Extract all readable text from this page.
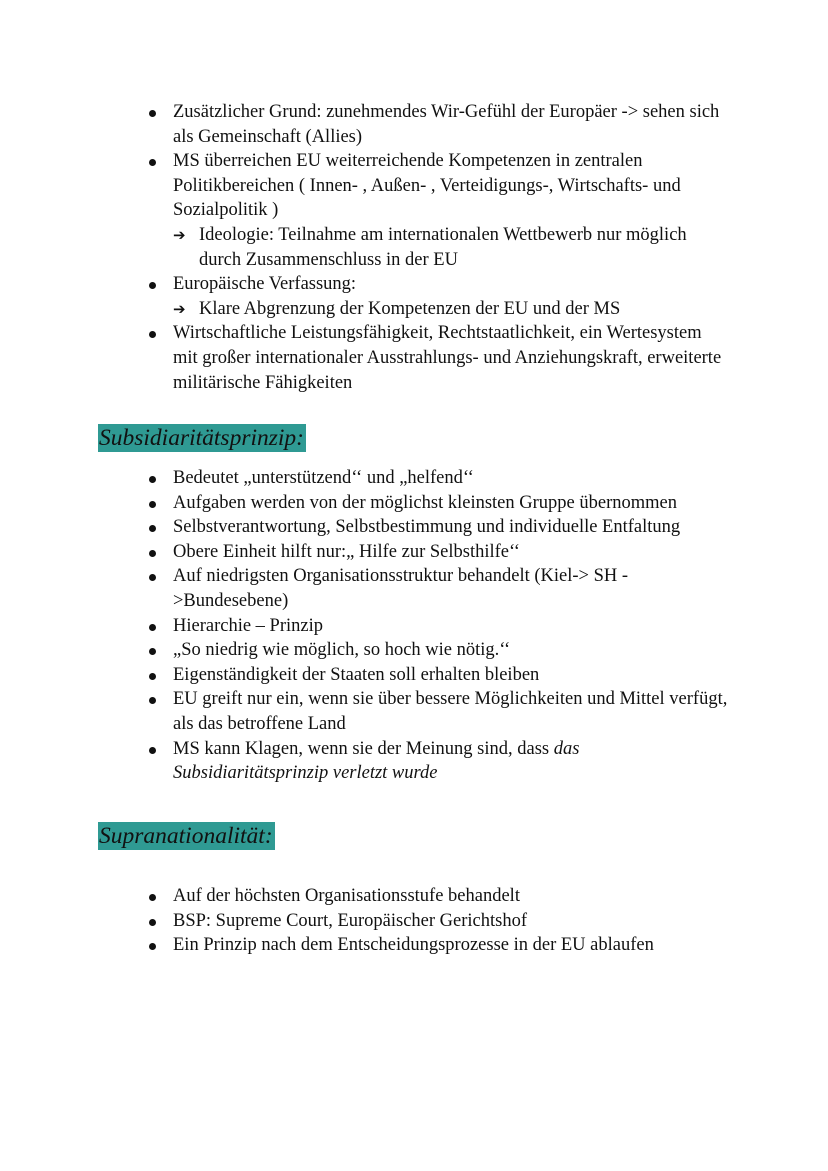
Zusätzlicher Grund: zunehmendes Wir-Gefühl der Europäer -> sehen sich als Gemeinschaft (Allies)
MS überreichen EU weiterreichende Kompetenzen in zentralen Politikbereichen ( Innen- , Außen- , Verteidigungs-, Wirtschafts- und Sozialpolitik )
➔ Ideologie: Teilnahme am internationalen Wettbewerb nur möglich durch Zusammenschluss in der EU
Europäische Verfassung:
➔ Klare Abgrenzung der Kompetenzen der EU und der MS
Wirtschaftliche Leistungsfähigkeit, Rechtstaatlichkeit, ein Wertesystem mit großer internationaler Ausstrahlungs- und Anziehungskraft, erweiterte militärische Fähigkeiten
Subsidiaritätsprinzip:
Bedeutet „unterstützend‘‘ und „helfend‘‘
Aufgaben werden von der möglichst kleinsten Gruppe übernommen
Selbstverantwortung, Selbstbestimmung und individuelle Entfaltung
Obere Einheit hilft nur:„ Hilfe zur Selbsthilfe‘‘
Auf niedrigsten Organisationsstruktur behandelt (Kiel-> SH ->Bundesebene)
Hierarchie – Prinzip
„So niedrig wie möglich, so hoch wie nötig.‘‘
Eigenständigkeit der Staaten soll erhalten bleiben
EU greift nur ein, wenn sie über bessere Möglichkeiten und Mittel verfügt, als das betroffene Land
MS kann Klagen, wenn sie der Meinung sind, dass das Subsidiaritätsprinzip verletzt wurde
Supranationalität:
Auf der höchsten Organisationsstufe behandelt
BSP: Supreme Court, Europäischer Gerichtshof
Ein Prinzip nach dem Entscheidungsprozesse in der EU ablaufen
